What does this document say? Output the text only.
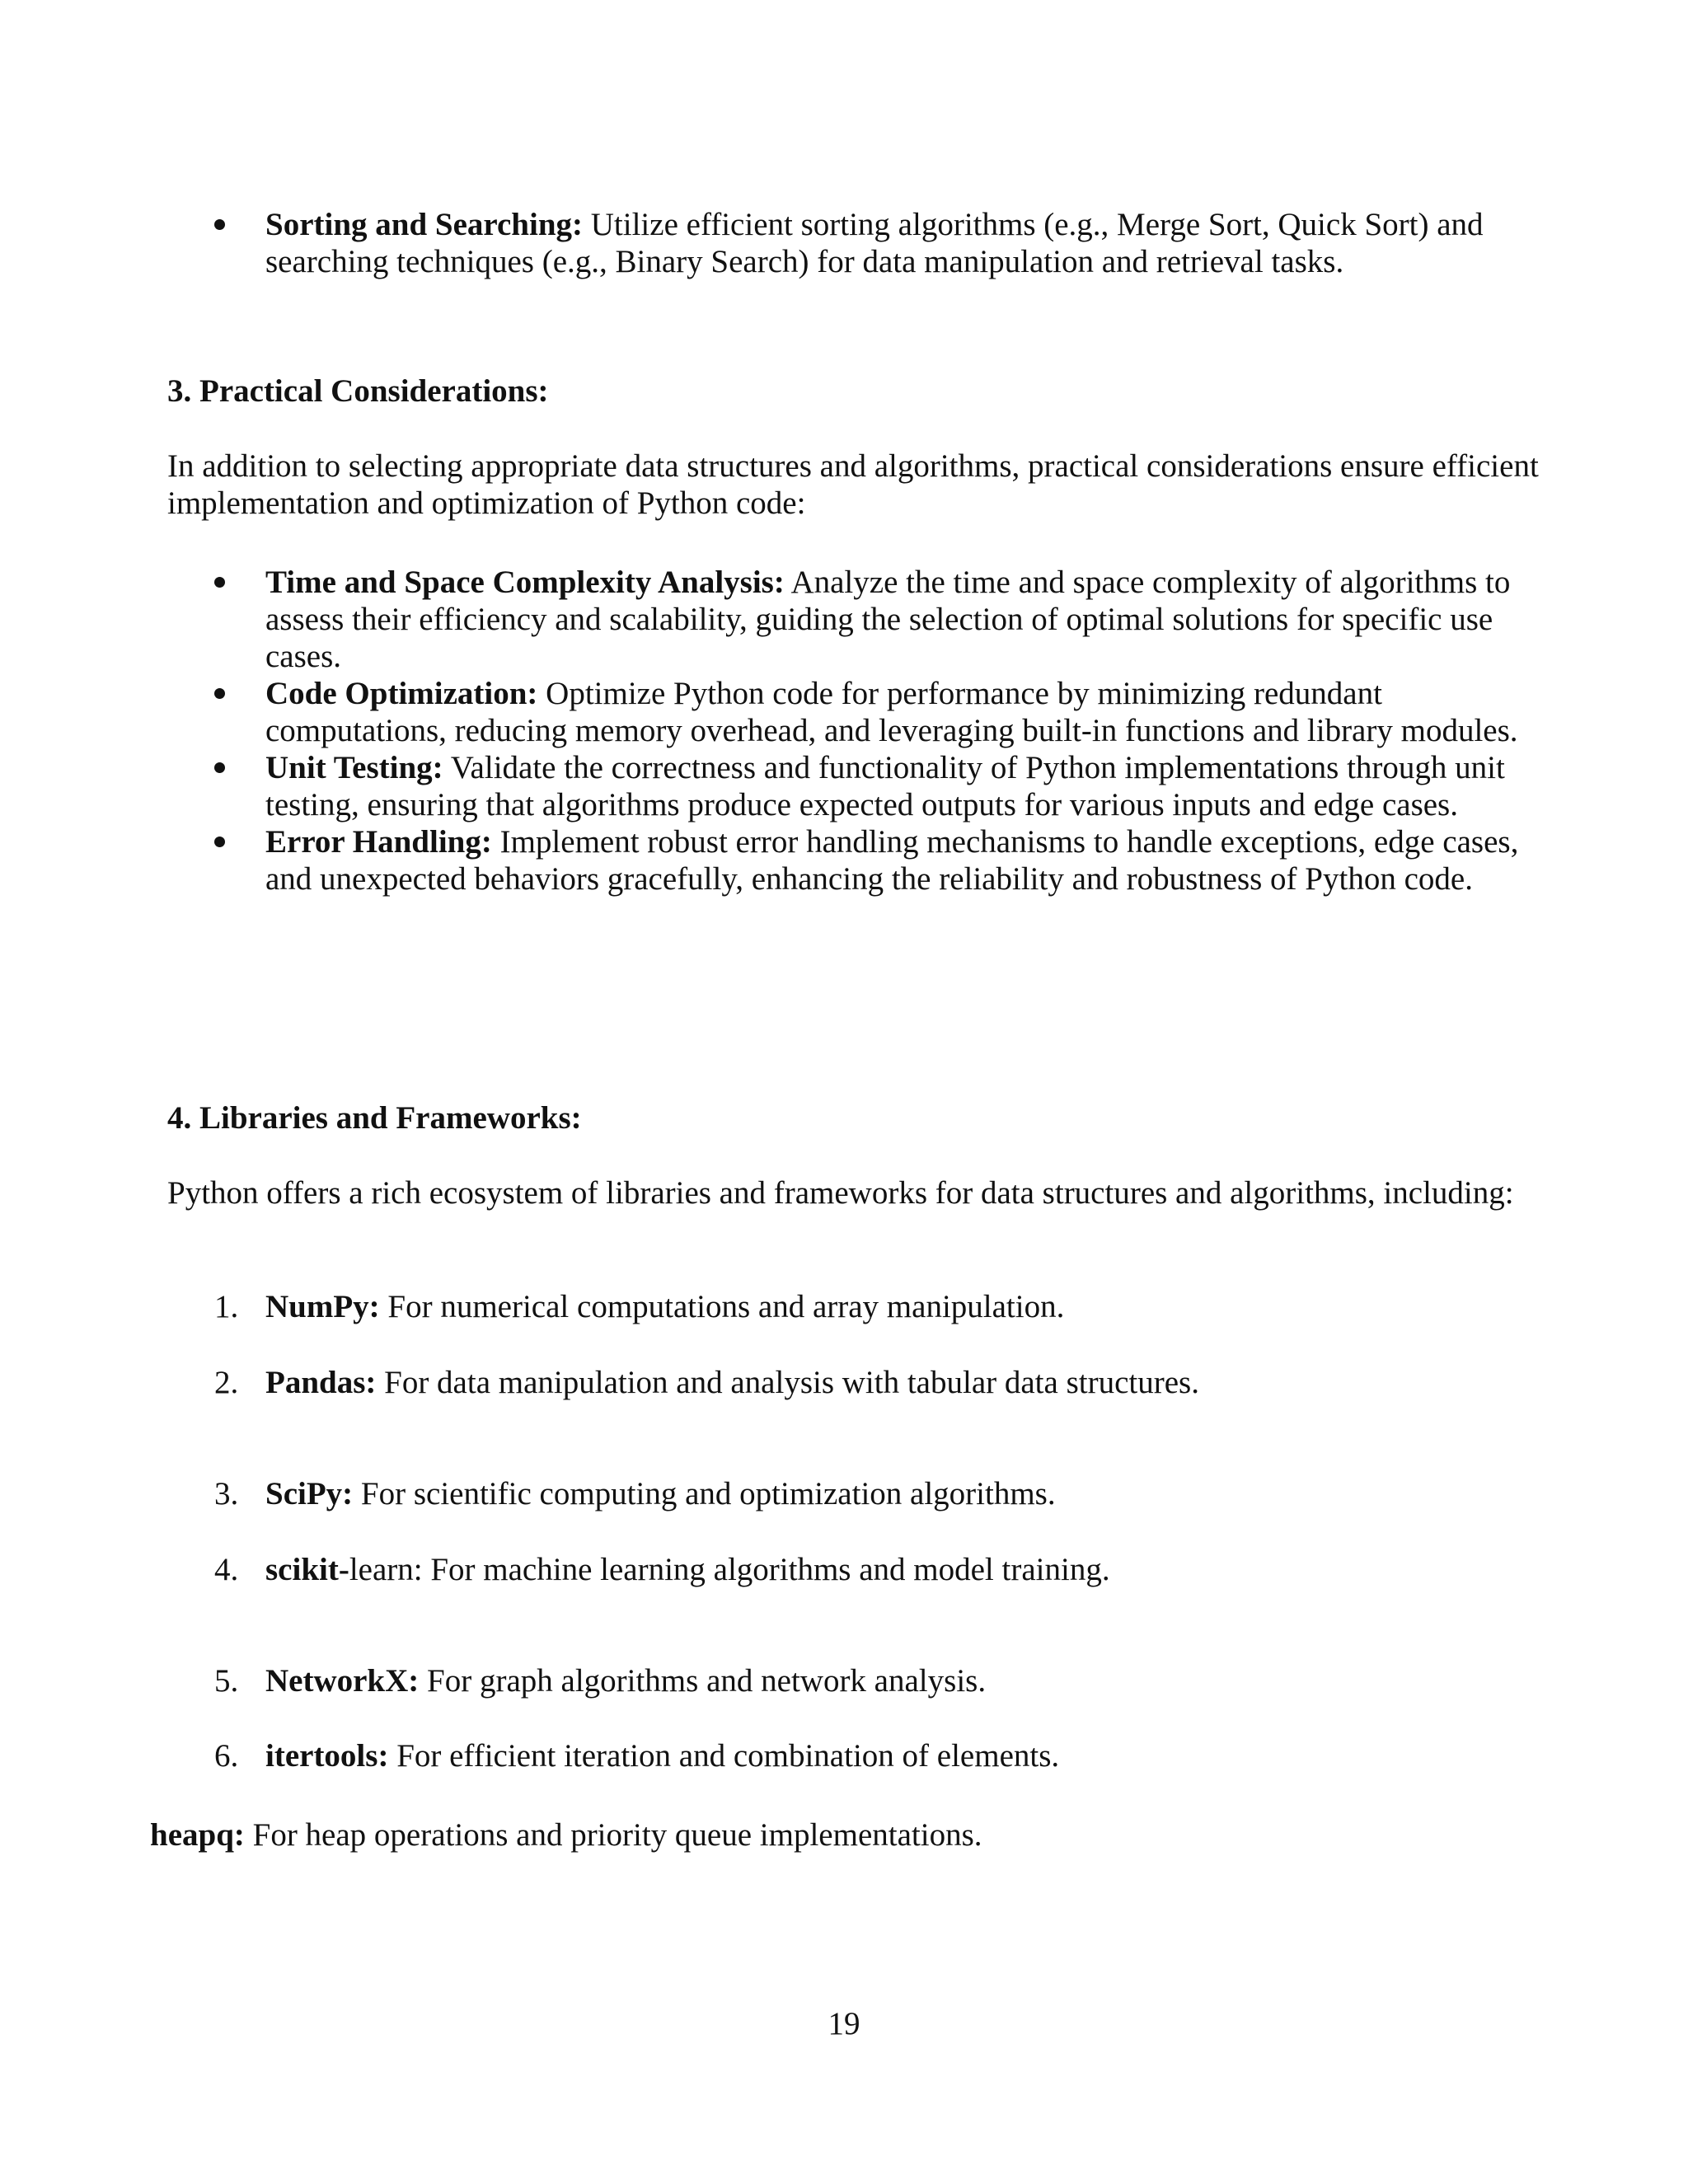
Sorting and Searching: Utilize efficient sorting algorithms (e.g., Merge Sort, Quick Sort) and searching techniques (e.g., Binary Search) for data manipulation and retrieval tasks.
3. Practical Considerations:
In addition to selecting appropriate data structures and algorithms, practical considerations ensure efficient implementation and optimization of Python code:
Time and Space Complexity Analysis: Analyze the time and space complexity of algorithms to assess their efficiency and scalability, guiding the selection of optimal solutions for specific use cases.
Code Optimization: Optimize Python code for performance by minimizing redundant computations, reducing memory overhead, and leveraging built-in functions and library modules.
Unit Testing: Validate the correctness and functionality of Python implementations through unit testing, ensuring that algorithms produce expected outputs for various inputs and edge cases.
Error Handling: Implement robust error handling mechanisms to handle exceptions, edge cases, and unexpected behaviors gracefully, enhancing the reliability and robustness of Python code.
4. Libraries and Frameworks:
Python offers a rich ecosystem of libraries and frameworks for data structures and algorithms, including:
1. NumPy: For numerical computations and array manipulation.
2. Pandas: For data manipulation and analysis with tabular data structures.
3. SciPy: For scientific computing and optimization algorithms.
4. scikit-learn: For machine learning algorithms and model training.
5. NetworkX: For graph algorithms and network analysis.
6. itertools: For efficient iteration and combination of elements.
heapq: For heap operations and priority queue implementations.
19
